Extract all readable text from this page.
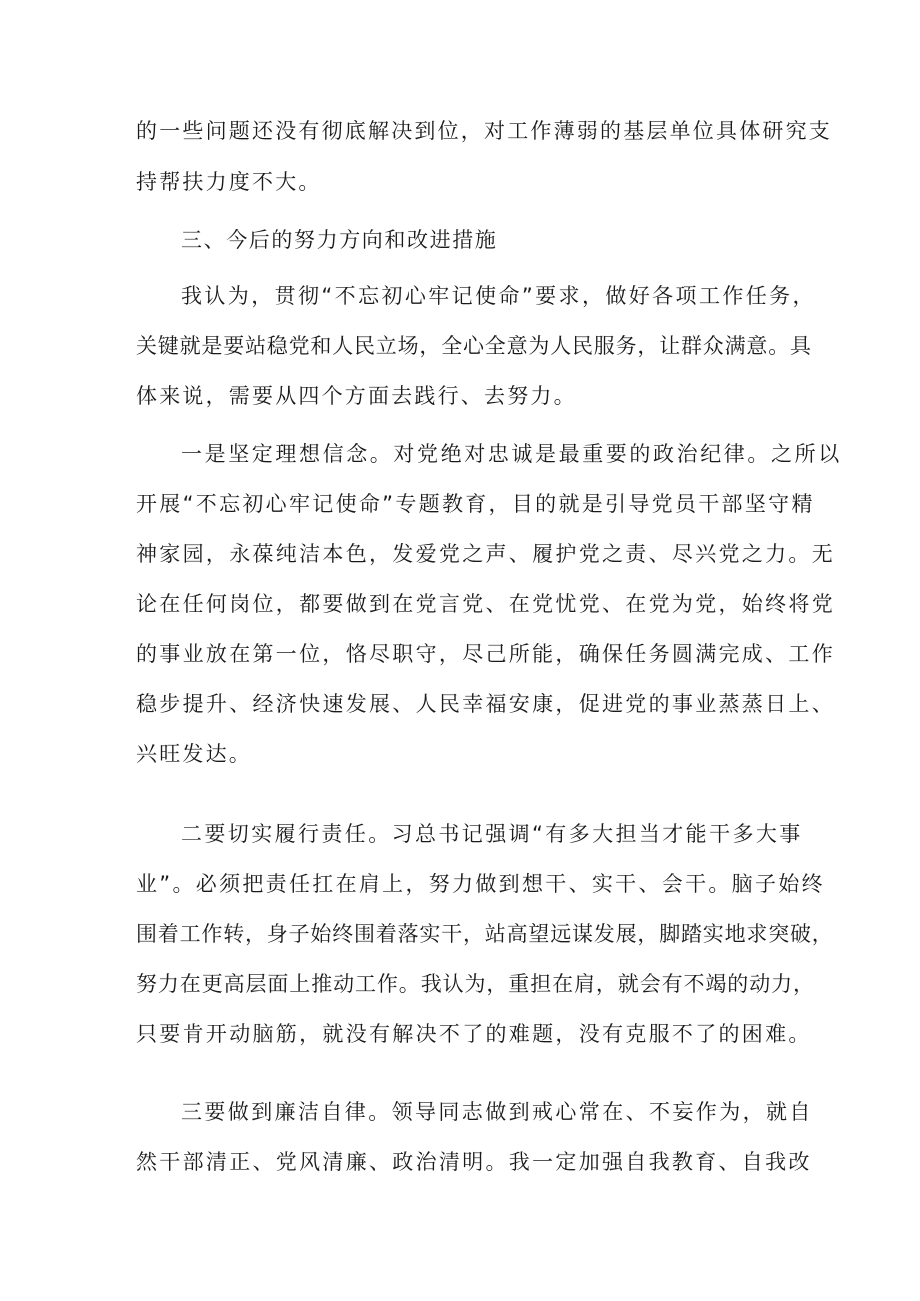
的一些问题还没有彻底解决到位，对工作薄弱的基层单位具体研究支
持帮扶力度不大。
三、今后的努力方向和改进措施
我认为，贯彻“不忘初心牢记使命”要求，做好各项工作任务，
关键就是要站稳党和人民立场，全心全意为人民服务，让群众满意。具
体来说，需要从四个方面去践行、去努力。
一是坚定理想信念。对党绝对忠诚是最重要的政治纪律。之所以
开展“不忘初心牢记使命”专题教育，目的就是引导党员干部坚守精
神家园，永葆纯洁本色，发爱党之声、履护党之责、尽兴党之力。无
论在任何岗位，都要做到在党言党、在党忧党、在党为党，始终将党
的事业放在第一位，恪尽职守，尽己所能，确保任务圆满完成、工作
稳步提升、经济快速发展、人民幸福安康，促进党的事业蒸蒸日上、
兴旺发达。
二要切实履行责任。习总书记强调“有多大担当才能干多大事
业”。必须把责任扛在肩上，努力做到想干、实干、会干。脑子始终
围着工作转，身子始终围着落实干，站高望远谋发展，脚踏实地求突破，
努力在更高层面上推动工作。我认为，重担在肩，就会有不竭的动力，
只要肯开动脑筋，就没有解决不了的难题，没有克服不了的困难。
三要做到廉洁自律。领导同志做到戒心常在、不妄作为，就自
然干部清正、党风清廉、政治清明。我一定加强自我教育、自我改
